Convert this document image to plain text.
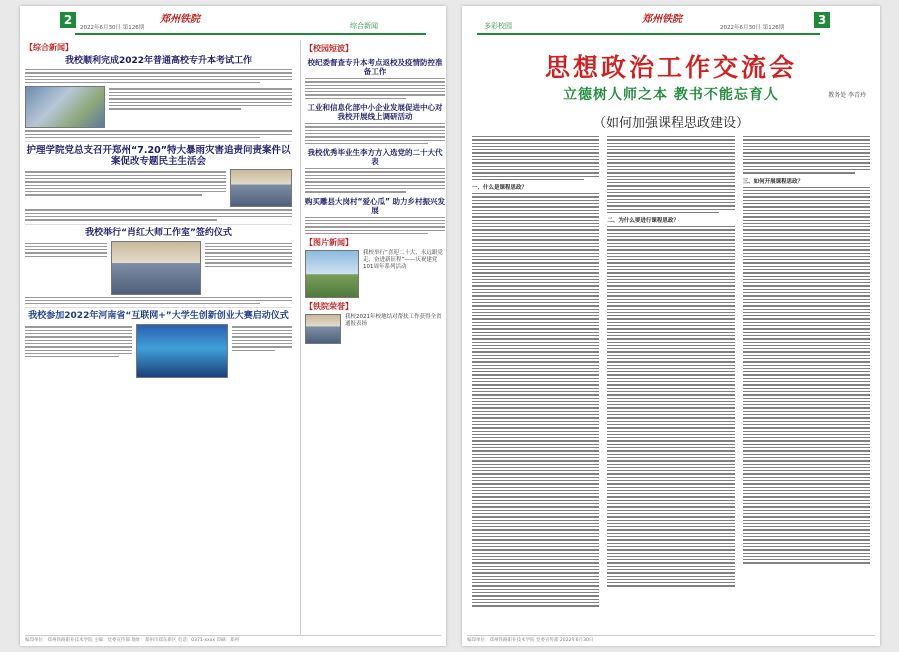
2	郑州铁院
2022年6月30日 第126期	综合新闻
【综合新闻】
我校顺利完成2022年普通高校专升本考试工作
护理学院党总支召开郑州“7.20”特大暴雨灾害追责问责案件以案促改专题民主生活会
我校举行“肖红大师工作室”签约仪式
我校参加2022年河南省“互联网+”大学生创新创业大赛启动仪式
【校园短波】
校纪委督查专升本考点返校及疫情防控准备工作
工业和信息化部中小企业发展促进中心对我校开展线上调研活动
我校优秀毕业生李方方入选党的二十大代表
购买雕县大岗村“爱心瓜” 助力乡村振兴发展
【图片新闻】
我校举行“喜迎二十大、永远跟党走、奋进新征程”——庆祝建党101周年系列活动
【铁院荣誉】
我校2021年校地结对帮扶工作获得全省通报表扬
编印单位：郑州铁路职业技术学院 主编：党委宣传部 地址：郑州市郑东新区 电话：0371-xxxx 印刷：郑州
多彩校园
郑州铁院
2022年6月30日 第126期
3
思想政治工作交流会
立德树人师之本 教书不能忘育人	教务处 李青玲
（如何加强课程思政建设）
一、什么是课程思政？
二、为什么要进行课程思政？
三、如何开展课程思政？
编印单位：郑州铁路职业技术学院 党委宣传部 2022年6月30日
